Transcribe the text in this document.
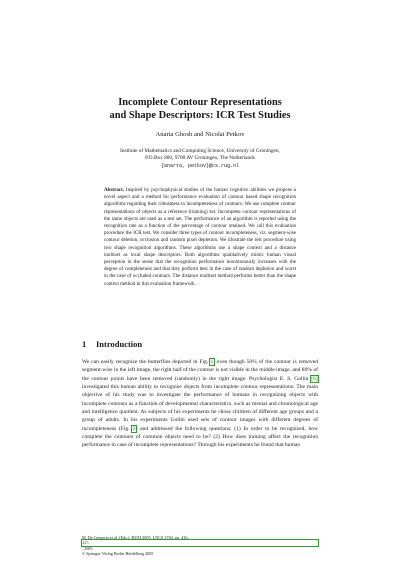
Incomplete Contour Representations
and Shape Descriptors: ICR Test Studies
Anarta Ghosh and Nicolai Petkov
Institute of Mathematics and Computing Science, University of Groningen,
P.O.Box 800, 9700 AV Groningen, The Netherlands
{anarta, petkov}@cs.rug.nl

Abstract. Inspired by psychophysical studies of the human cognitive abilities we propose a novel aspect and a method for performance evaluation of contour based shape recognition algorithms regarding their robustness to incompleteness of contours. We use complete contour representations of objects as a reference (training) set. Incomplete contour representations of the same objects are used as a test set. The performance of an algorithm is reported using the recognition rate as a function of the percentage of contour retained. We call this evaluation procedure the ICR test. We consider three types of contour incompleteness, viz. segment-wise contour deletion, occlusion and random pixel depletion. We illustrate the test procedure using two shape recognition algorithms. These algorithms use a shape context and a distance multiset as local shape descriptors. Both algorithms qualitatively mimic human visual perception in the sense that the recognition performance monotonously increases with the degree of completeness and that they perform best in the case of random depletion and worst in the case of occluded contours. The distance multiset method performs better than the shape context method in this evaluation framework.

1 Introduction

We can easily recognize the butterflies depicted in Fig. 1, even though 50% of the contour is removed segment-wise in the left image, the right half of the contour is not visible in the middle image, and 80% of the contour points have been removed (randomly) in the right image. Psychologist E. S. Gollin [6] investigated this human ability to recognize objects from incomplete contour representations. The main objective of his study was to investigate the performance of humans in recognizing objects with incomplete contours as a function of developmental characteristics, such as mental and chronological age and intelligence quotient. As subjects of his experiments he chose children of different age groups and a group of adults. In his experiments Gollin used sets of contour images with different degrees of incompleteness (Fig. 2) and addressed the following questions: (1) In order to be recognized, how complete the contours of common objects need to be? (2) How does training affect the recognition performance in case of incomplete representations? Through his experiments he found that human

M. De Gregorio et al. (Eds.): BVAI 2005, LNCS 3704, pp. 416–
425
, 2005.
© Springer-Verlag Berlin Heidelberg 2005
